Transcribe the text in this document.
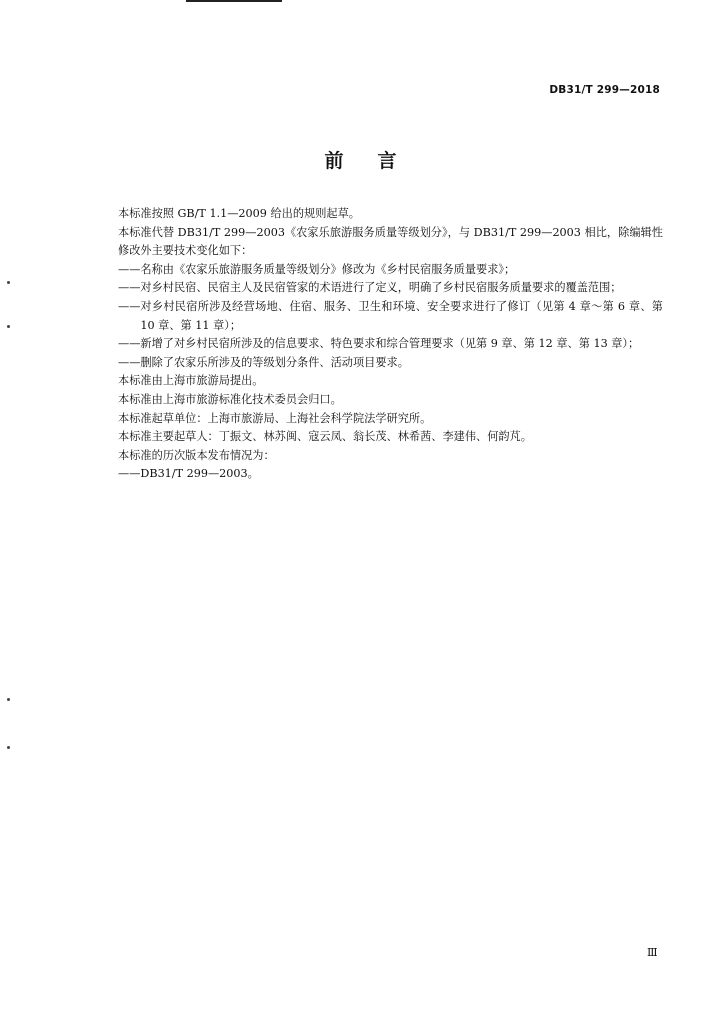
DB31/T 299—2018
前 言
本标准按照 GB/T 1.1—2009 给出的规则起草。
本标准代替 DB31/T 299—2003《农家乐旅游服务质量等级划分》，与 DB31/T 299—2003 相比，除编辑性修改外主要技术变化如下：
—— 名称由《农家乐旅游服务质量等级划分》修改为《乡村民宿服务质量要求》；
—— 对乡村民宿、民宿主人及民宿管家的术语进行了定义，明确了乡村民宿服务质量要求的覆盖范围；
—— 对乡村民宿所涉及经营场地、住宿、服务、卫生和环境、安全要求进行了修订（见第 4 章～第 6 章、第 10 章、第 11 章）；
—— 新增了对乡村民宿所涉及的信息要求、特色要求和综合管理要求（见第 9 章、第 12 章、第 13 章）；
—— 删除了农家乐所涉及的等级划分条件、活动项目要求。
本标准由上海市旅游局提出。
本标准由上海市旅游标准化技术委员会归口。
本标准起草单位：上海市旅游局、上海社会科学院法学研究所。
本标准主要起草人：丁振文、林苏闽、寇云凤、翁长茂、林希茜、李建伟、何韵芃。
本标准的历次版本发布情况为：
—— DB31/T 299—2003。
Ⅲ
